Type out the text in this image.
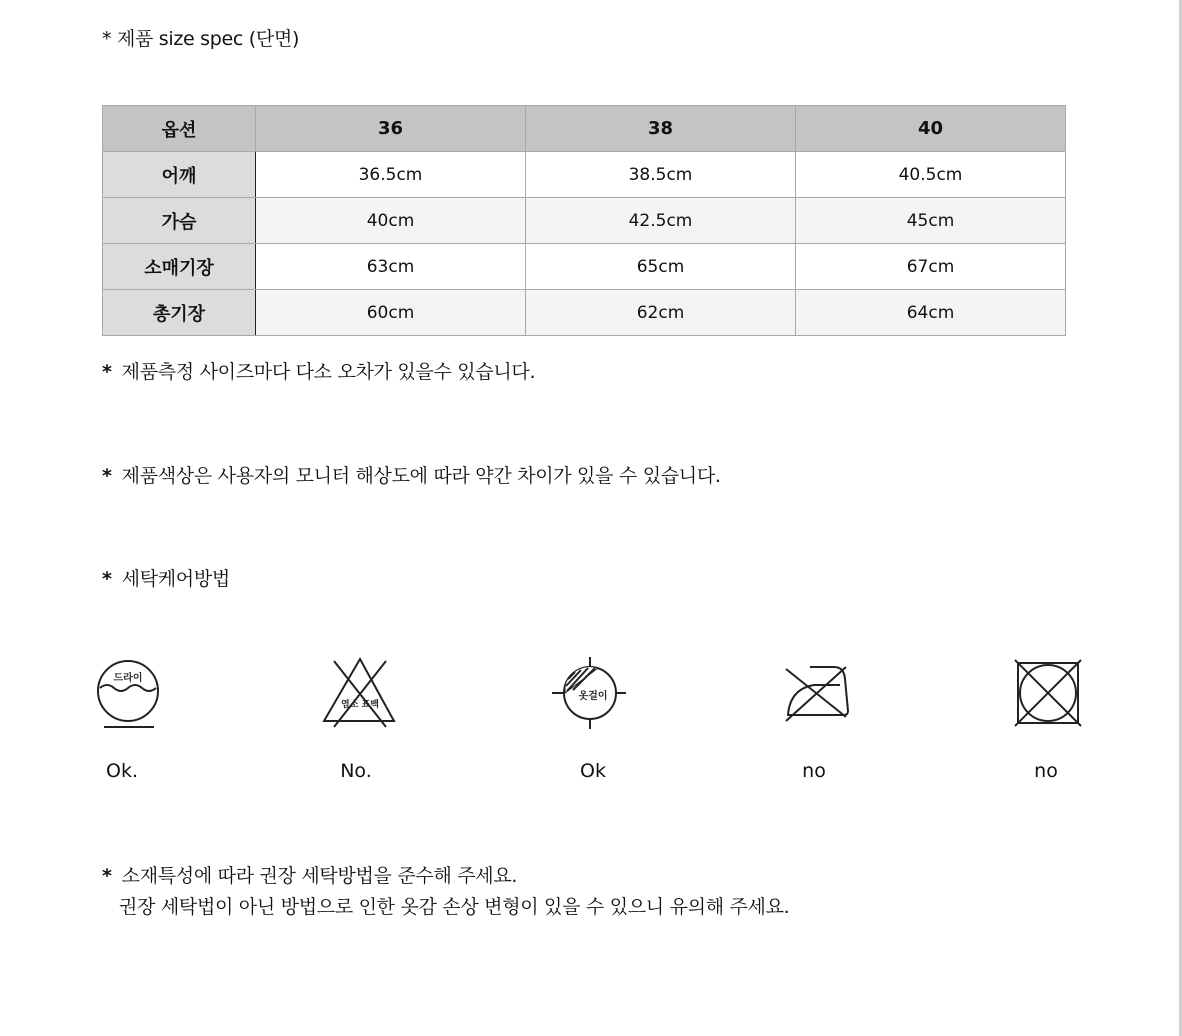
* 제품 size spec (단면)
옵션	36	38	40
어깨	36.5cm	38.5cm	40.5cm
가슴	40cm	42.5cm	45cm
소매기장	63cm	65cm	67cm
총기장	60cm	62cm	64cm
* 제품측정 사이즈마다 다소 오차가 있을수 있습니다.
* 제품색상은 사용자의 모니터 해상도에 따라 약간 차이가 있을 수 있습니다.
* 세탁케어방법
드라이
Ok.
염소 표백
No.
옷걸이
Ok	no	no
* 소재특성에 따라 권장 세탁방법을 준수해 주세요.
권장 세탁법이 아닌 방법으로 인한 옷감 손상 변형이 있을 수 있으니 유의해 주세요.
